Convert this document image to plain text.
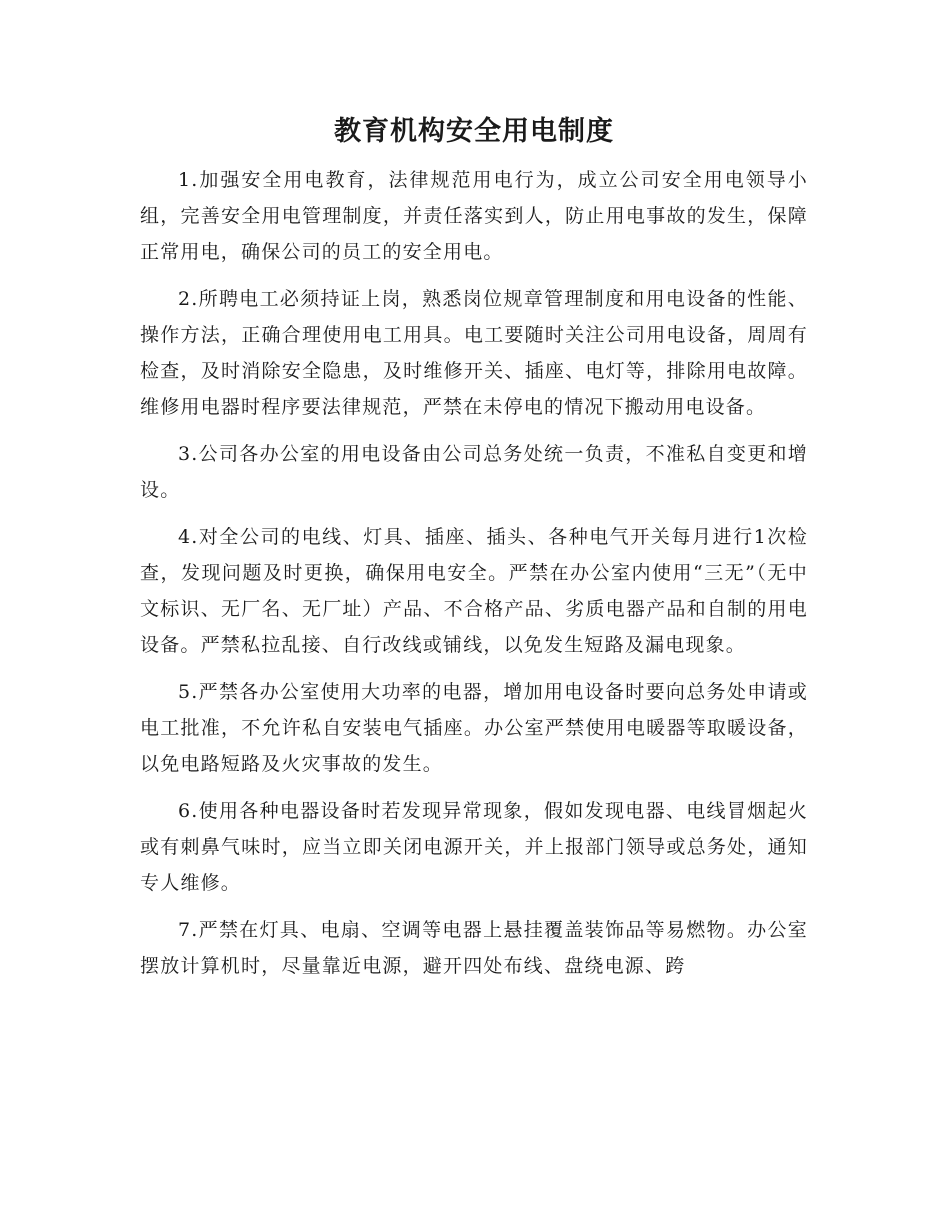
教育机构安全用电制度

1.加强安全用电教育，法律规范用电行为，成立公司安全用电领导小组，完善安全用电管理制度，并责任落实到人，防止用电事故的发生，保障正常用电，确保公司的员工的安全用电。

2.所聘电工必须持证上岗，熟悉岗位规章管理制度和用电设备的性能、操作方法，正确合理使用电工用具。电工要随时关注公司用电设备，周周有检查，及时消除安全隐患，及时维修开关、插座、电灯等，排除用电故障。维修用电器时程序要法律规范，严禁在未停电的情况下搬动用电设备。

3.公司各办公室的用电设备由公司总务处统一负责，不准私自变更和增设。

4.对全公司的电线、灯具、插座、插头、各种电气开关每月进行1次检查，发现问题及时更换，确保用电安全。严禁在办公室内使用“三无”（无中文标识、无厂名、无厂址）产品、不合格产品、劣质电器产品和自制的用电设备。严禁私拉乱接、自行改线或铺线，以免发生短路及漏电现象。

5.严禁各办公室使用大功率的电器，增加用电设备时要向总务处申请或电工批准，不允许私自安装电气插座。办公室严禁使用电暖器等取暖设备，以免电路短路及火灾事故的发生。

6.使用各种电器设备时若发现异常现象，假如发现电器、电线冒烟起火或有刺鼻气味时，应当立即关闭电源开关，并上报部门领导或总务处，通知专人维修。

7.严禁在灯具、电扇、空调等电器上悬挂覆盖装饰品等易燃物。办公室摆放计算机时，尽量靠近电源，避开四处布线、盘绕电源、跨
